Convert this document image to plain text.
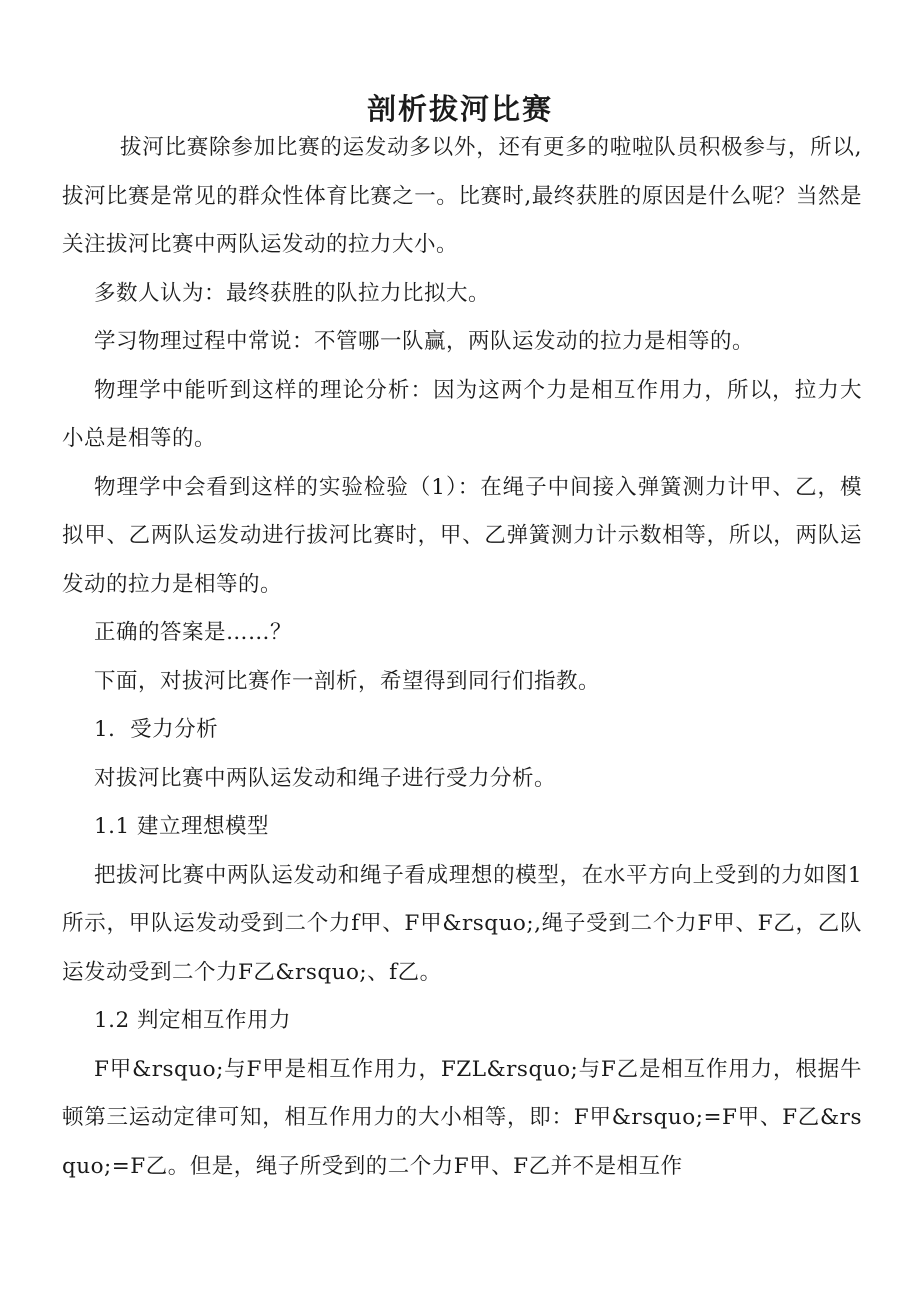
剖析拔河比赛

拔河比赛除参加比赛的运发动多以外，还有更多的啦啦队员积极参与，所以,拔河比赛是常见的群众性体育比赛之一。比赛时,最终获胜的原因是什么呢？当然是关注拔河比赛中两队运发动的拉力大小。

多数人认为：最终获胜的队拉力比拟大。

学习物理过程中常说：不管哪一队赢，两队运发动的拉力是相等的。

物理学中能听到这样的理论分析：因为这两个力是相互作用力，所以，拉力大小总是相等的。

物理学中会看到这样的实验检验（1）：在绳子中间接入弹簧测力计甲、乙，模拟甲、乙两队运发动进行拔河比赛时，甲、乙弹簧测力计示数相等，所以，两队运发动的拉力是相等的。

正确的答案是……？

下面，对拔河比赛作一剖析，希望得到同行们指教。

1．受力分析

对拔河比赛中两队运发动和绳子进行受力分析。

1.1 建立理想模型

把拔河比赛中两队运发动和绳子看成理想的模型，在水平方向上受到的力如图1所示，甲队运发动受到二个力f甲、F甲&rsquo;,绳子受到二个力F甲、F乙，乙队运发动受到二个力F乙&rsquo;、f乙。

1.2 判定相互作用力

F甲&rsquo;与F甲是相互作用力，FZL&rsquo;与F乙是相互作用力，根据牛顿第三运动定律可知，相互作用力的大小相等，即：F甲&rsquo;=F甲、F乙&rsquo;=F乙。但是，绳子所受到的二个力F甲、F乙并不是相互作
